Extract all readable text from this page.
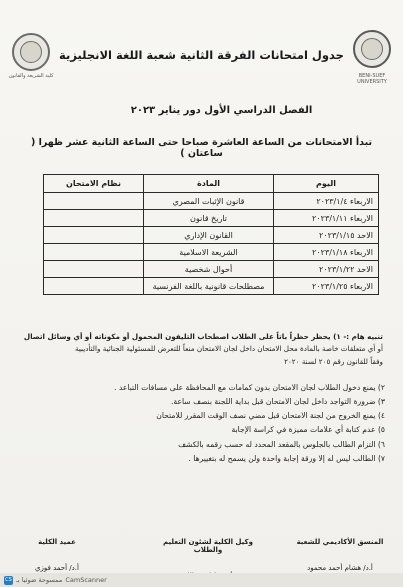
كلية الشريعة والقانون	BENI-SUEF UNIVERSITY
جدول امتحانات الفرقة الثانية شعبة اللغة الانجليزية
الفصل الدراسي الأول دور يناير ٢٠٢٣
تبدأ الامتحانات من الساعة العاشرة صباحا حتى الساعة الثانية عشر ظهرا ( ساعتان )
اليوم	المادة	نظام الامتحان
الاربعاء ٢٠٢٣/١/٤	قانون الإثبات المصري	
الاربعاء ٢٠٢٣/١/١١	تاريخ قانون	
الاحد ٢٠٢٣/١/١٥	القانون الإداري	
الاربعاء ٢٠٢٣/١/١٨	الشريعة الاسلامية	
الاحد ٢٠٢٣/١/٢٢	أحوال شخصية	
الاربعاء ٢٠٢٣/١/٢٥	مصطلحات قانونية باللغة الفرنسية	

تنبيه هام :- ١) يحظر حظراً باتاً على الطلاب اصطحاب التليفون المحمول أو مكوناته أو أي وسائل اتصال

أو أي متعلقات خاصة بالمادة محل الامتحان داخل لجان الامتحان منعاً للتعرض للمسئولية الجنائية والتأديبية

وفقاً للقانون رقم ٢٠٥ لسنة ٢٠٢٠

٢) يمنع دخول الطلاب لجان الامتحان بدون كمامات مع المحافظة على مسافات التباعد .
٣) ضرورة التواجد داخل لجان الامتحان قبل بداية اللجنة بنصف ساعة.
٤) يمنع الخروج من لجنة الامتحان قبل مضي نصف الوقت المقرر للامتحان
٥) عدم كتابة أي علامات مميزة في كراسة الإجابة
٦) التزام الطالب بالجلوس بالمقعد المحدد له حسب رقمه بالكشف
٧) الطالب ليس له إلا ورقة إجابة واحدة ولن يسمح له بتغييرها .
المنسق الأكاديمي للشعبة
أ.د/ هشام أحمد محمود
وكيل الكلية لشئون التعليم والطلاب
عميد الكلية
أ.د/ أحمد فوزي
CS ممسوحة ضوئيا بـ CamScanner
